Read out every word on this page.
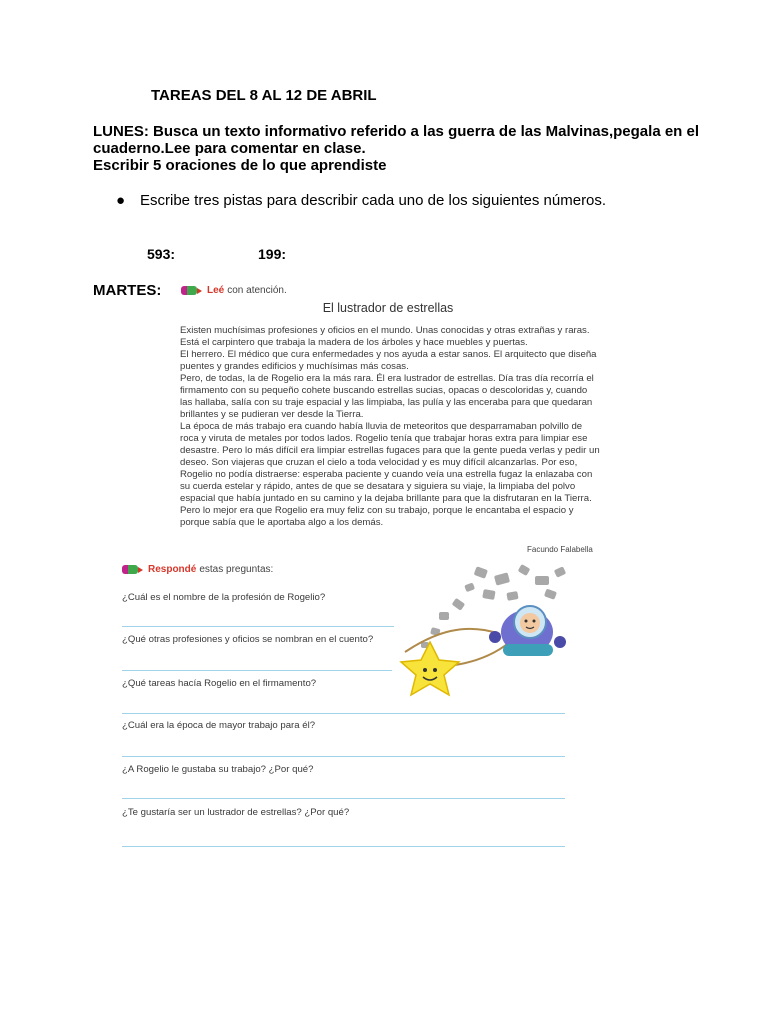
TAREAS DEL 8 AL 12 DE ABRIL
LUNES: Busca un texto informativo referido a las guerra de las Malvinas,pegala en el cuaderno.Lee para comentar en clase.
Escribir 5 oraciones de lo que aprendiste
● Escribe tres pistas para describir cada uno de los siguientes números.
593:	199:
MARTES:	Leé con atención.
El lustrador de estrellas

Existen muchísimas profesiones y oficios en el mundo. Unas conocidas y otras extrañas y raras. Está el carpintero que trabaja la madera de los árboles y hace muebles y puertas.

El herrero. El médico que cura enfermedades y nos ayuda a estar sanos. El arquitecto que diseña puentes y grandes edificios y muchísimas más cosas.

Pero, de todas, la de Rogelio era la más rara. Él era lustrador de estrellas. Día tras día recorría el firmamento con su pequeño cohete buscando estrellas sucias, opacas o descoloridas y, cuando las hallaba, salía con su traje espacial y las limpiaba, las pulía y las enceraba para que quedaran brillantes y se pudieran ver desde la Tierra.

La época de más trabajo era cuando había lluvia de meteoritos que desparramaban polvillo de roca y viruta de metales por todos lados. Rogelio tenía que trabajar horas extra para limpiar ese desastre. Pero lo más difícil era limpiar estrellas fugaces para que la gente pueda verlas y pedir un deseo. Son viajeras que cruzan el cielo a toda velocidad y es muy difícil alcanzarlas. Por eso, Rogelio no podía distraerse: esperaba paciente y cuando veía una estrella fugaz la enlazaba con su cuerda estelar y rápido, antes de que se desatara y siguiera su viaje, la limpiaba del polvo espacial que había juntado en su camino y la dejaba brillante para que la disfrutaran en la Tierra.

Pero lo mejor era que Rogelio era muy feliz con su trabajo, porque le encantaba el espacio y porque sabía que le aportaba algo a los demás.

Facundo Falabella
Respondé estas preguntas:
¿Cuál es el nombre de la profesión de Rogelio?
¿Qué otras profesiones y oficios se nombran en el cuento?
¿Qué tareas hacía Rogelio en el firmamento?
¿Cuál era la época de mayor trabajo para él?
¿A Rogelio le gustaba su trabajo? ¿Por qué?
¿Te gustaría ser un lustrador de estrellas? ¿Por qué?
